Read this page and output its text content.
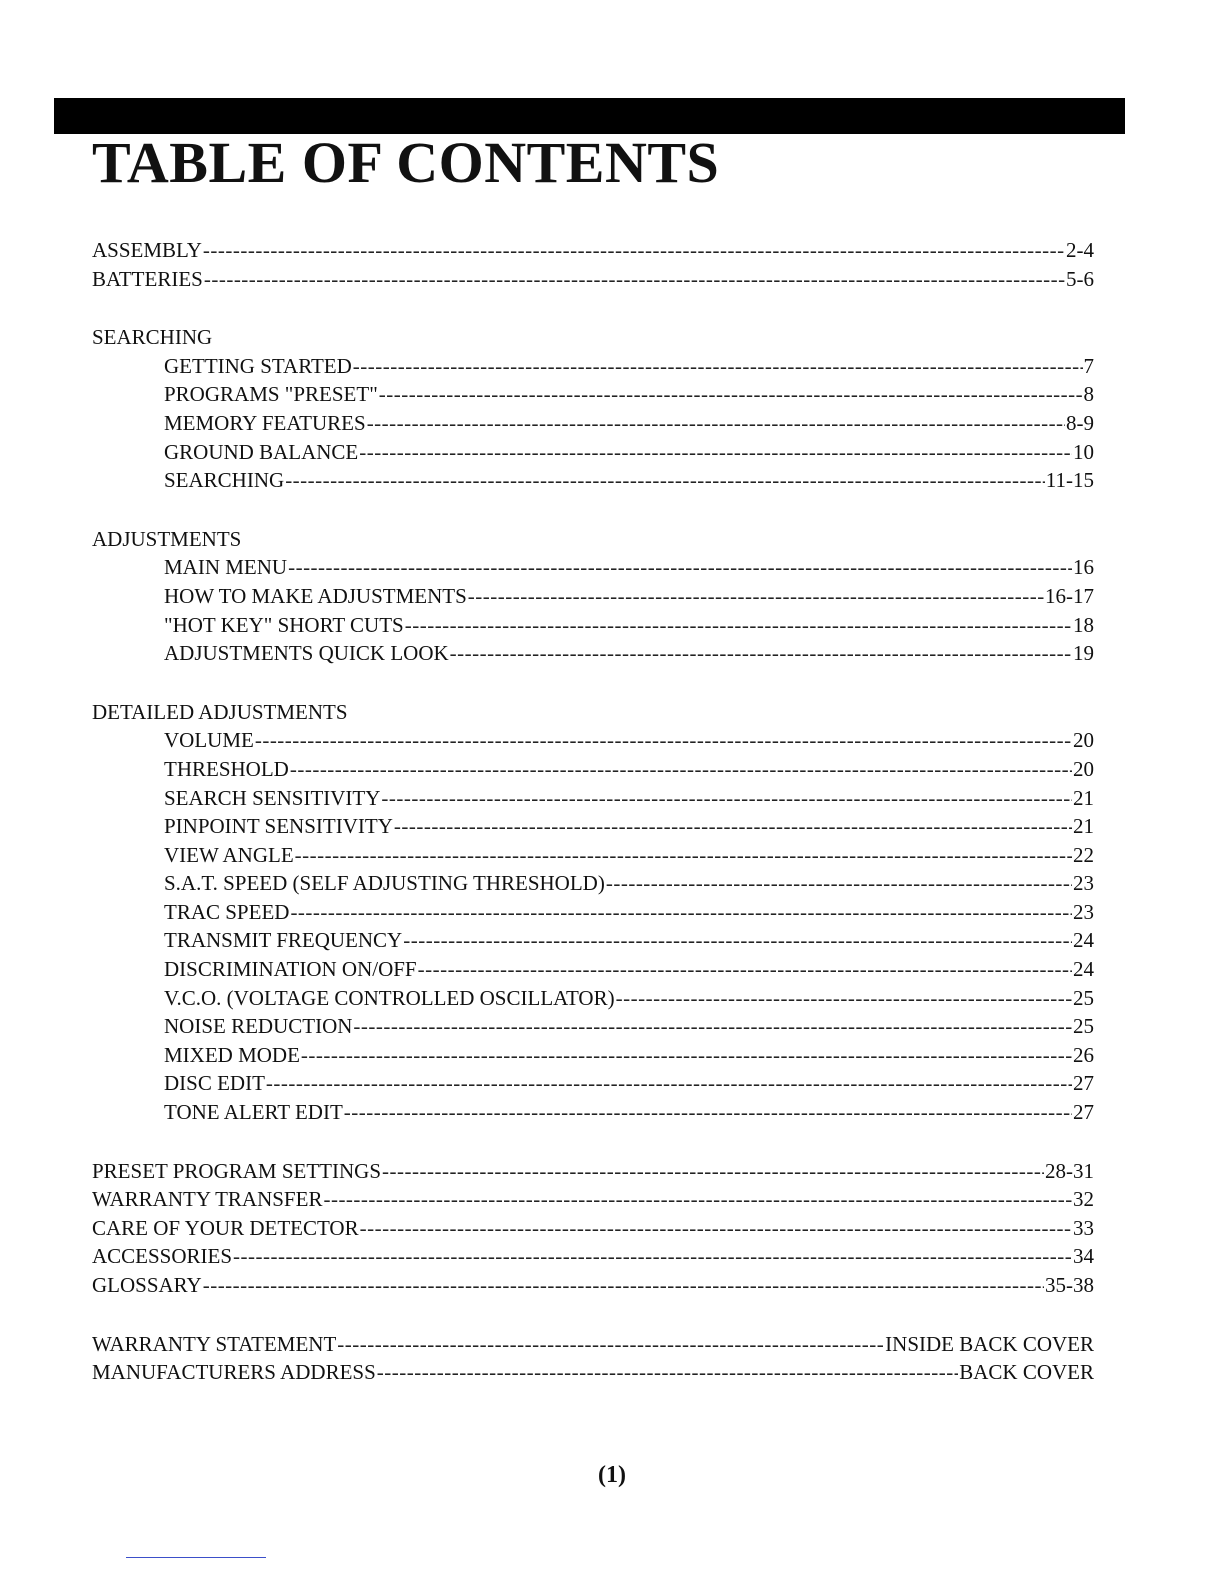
TABLE OF CONTENTS
ASSEMBLY -----	2-4
BATTERIES -----	5-6
SEARCHING
GETTING STARTED -----	7
PROGRAMS "PRESET" -----	8
MEMORY FEATURES -----	8-9
GROUND BALANCE -----	10
SEARCHING -----	11-15
ADJUSTMENTS
MAIN MENU -----	16
HOW TO MAKE ADJUSTMENTS -----	16-17
"HOT KEY" SHORT CUTS -----	18
ADJUSTMENTS QUICK LOOK -----	19
DETAILED ADJUSTMENTS
VOLUME -----	20
THRESHOLD -----	20
SEARCH SENSITIVITY -----	21
PINPOINT SENSITIVITY -----	21
VIEW ANGLE -----	22
S.A.T. SPEED (SELF ADJUSTING THRESHOLD) -----	23
TRAC SPEED -----	23
TRANSMIT FREQUENCY -----	24
DISCRIMINATION ON/OFF -----	24
V.C.O. (VOLTAGE CONTROLLED OSCILLATOR) -----	25
NOISE REDUCTION -----	25
MIXED MODE -----	26
DISC EDIT -----	27
TONE ALERT EDIT -----	27
PRESET PROGRAM SETTINGS -----	28-31
WARRANTY TRANSFER -----	32
CARE OF YOUR DETECTOR -----	33
ACCESSORIES -----	34
GLOSSARY -----	35-38
WARRANTY STATEMENT -----	INSIDE BACK COVER
MANUFACTURERS ADDRESS -----	BACK COVER
(1)
